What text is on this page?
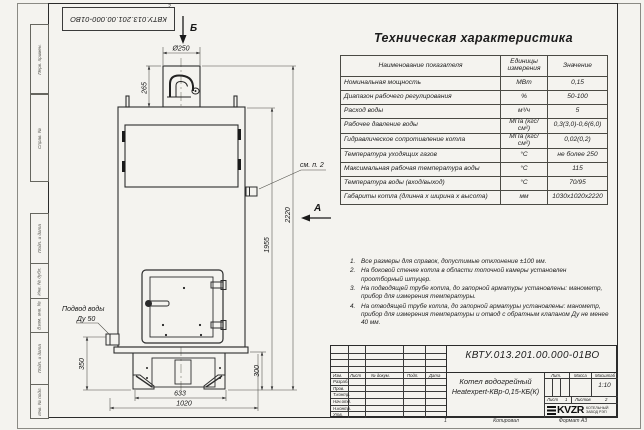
Перв. примен.
Справ. №
Подп. и дата
Инв. № дубл.
Взам. инв. №
Подп. и дата
Инв. № подл.
КВТУ.013.201.00.000-01ВО
2
Ø250
265
350
300
633
1020
1955
2220
см. п. 2
Подвод воды
Ду 50
Б
А
Техническая характеристика
Наименование показателя	Единицы измерения	Значение
Номинальная мощность	МВт	0,15
Диапазон рабочего регулирования	%	50-100
Расход воды	м³/ч	5
Рабочее давление воды	МПа (кгс/см²)	0,3(3,0)-0,6(6,0)
Гидравлическое сопротивление котла	МПа (кгс/см²)	0,02(0,2)
Температура уходящих газов	°С	не более 250
Максимальная рабочая температура воды	°С	115
Температура воды (вход/выход)	°С	70/95
Габариты котла (длинна х ширина х высота)	мм	1030х1020х2220

1. Все размеры для справок, допустимые отклонение ±100 мм.

2. На боковой стенке котла в области топочной камеры установлен проотборный штуцер.

3. На подводящей трубе котла, до запорной арматуры установлены: манометр, прибор для измерения температуры.

4. На отводящей трубе котла, до запорной арматуры установлены: манометр, прибор для измерения температуры и отвод с обратным клапаном Ду не менее 40 мм.

Изм. Лист № докум.	Подп. Дата
Разраб.
Пров.
Т.контр.
Нач.отд.
Н.контр.
Утв.
КВТУ.013.201.00.000-01ВО
Котел водогрейный
Heatexpert-КВр-0,15-КБ(К)
Лит.	Масса Масштаб
1:10
Лист 1 Листов	2
KVZR КОТЕЛЬНЫЙ
ЗАВОД РЭП
1	Копировал	Формат А3
